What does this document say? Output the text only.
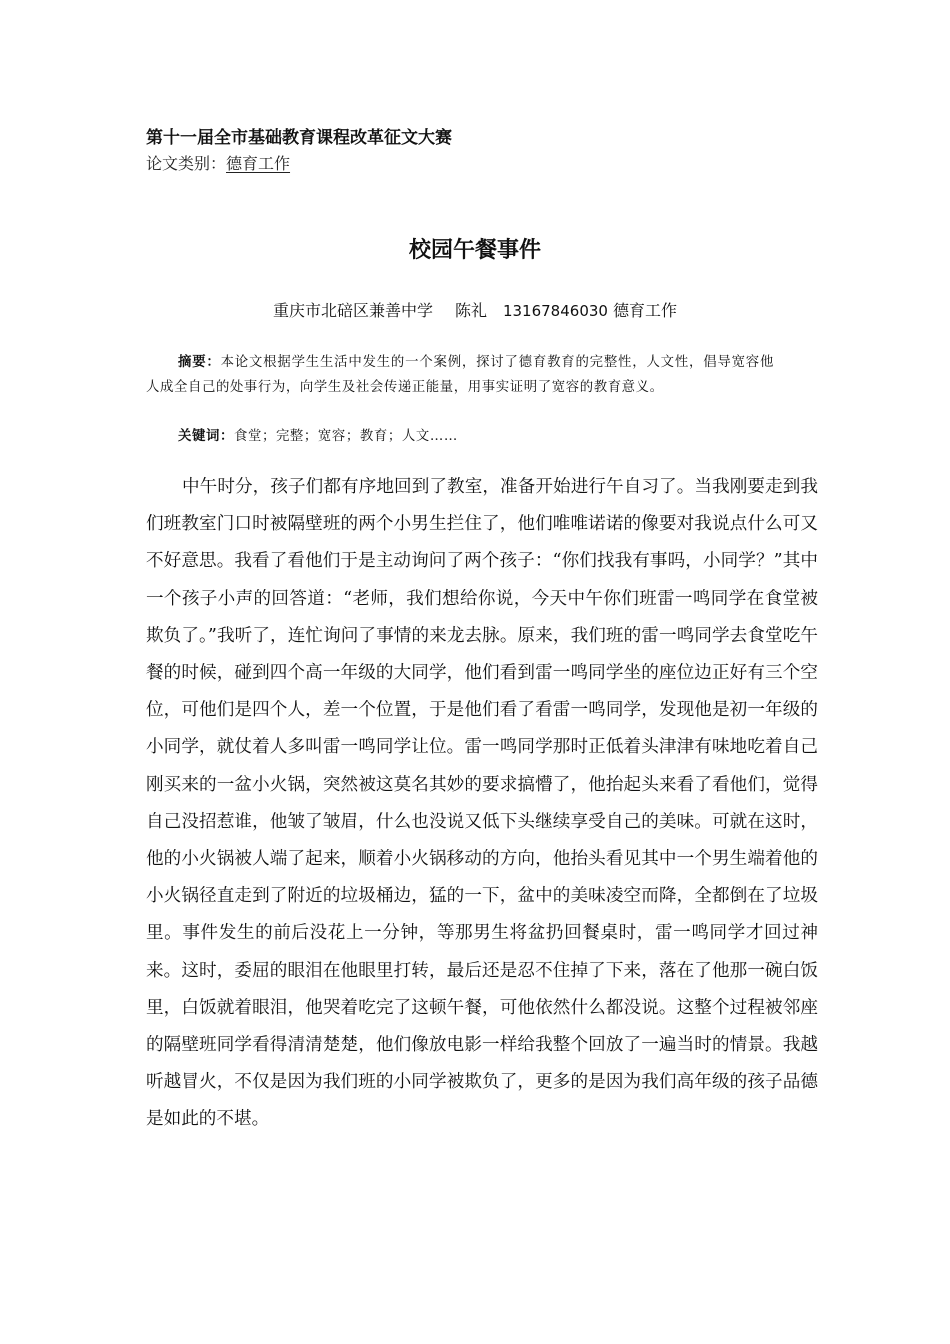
第十一届全市基础教育课程改革征文大赛
论文类别：德育工作
校园午餐事件
重庆市北碚区兼善中学 陈礼 13167846030 德育工作
摘要：本论文根据学生生活中发生的一个案例，探讨了德育教育的完整性，人文性，倡导宽容他人成全自己的处事行为，向学生及社会传递正能量，用事实证明了宽容的教育意义。
关键词：食堂；完整；宽容；教育；人文……

中午时分，孩子们都有序地回到了教室，准备开始进行午自习了。当我刚要走到我们班教室门口时被隔壁班的两个小男生拦住了，他们唯唯诺诺的像要对我说点什么可又不好意思。我看了看他们于是主动询问了两个孩子：“你们找我有事吗，小同学？”其中一个孩子小声的回答道：“老师，我们想给你说，今天中午你们班雷一鸣同学在食堂被欺负了。”我听了，连忙询问了事情的来龙去脉。原来，我们班的雷一鸣同学去食堂吃午餐的时候，碰到四个高一年级的大同学，他们看到雷一鸣同学坐的座位边正好有三个空位，可他们是四个人，差一个位置，于是他们看了看雷一鸣同学，发现他是初一年级的小同学，就仗着人多叫雷一鸣同学让位。雷一鸣同学那时正低着头津津有味地吃着自己刚买来的一盆小火锅，突然被这莫名其妙的要求搞懵了，他抬起头来看了看他们，觉得自己没招惹谁，他皱了皱眉，什么也没说又低下头继续享受自己的美味。可就在这时，他的小火锅被人端了起来，顺着小火锅移动的方向，他抬头看见其中一个男生端着他的小火锅径直走到了附近的垃圾桶边，猛的一下，盆中的美味凌空而降，全都倒在了垃圾里。事件发生的前后没花上一分钟，等那男生将盆扔回餐桌时，雷一鸣同学才回过神来。这时，委屈的眼泪在他眼里打转，最后还是忍不住掉了下来，落在了他那一碗白饭里，白饭就着眼泪，他哭着吃完了这顿午餐，可他依然什么都没说。这整个过程被邻座的隔壁班同学看得清清楚楚，他们像放电影一样给我整个回放了一遍当时的情景。我越听越冒火，不仅是因为我们班的小同学被欺负了，更多的是因为我们高年级的孩子品德是如此的不堪。
